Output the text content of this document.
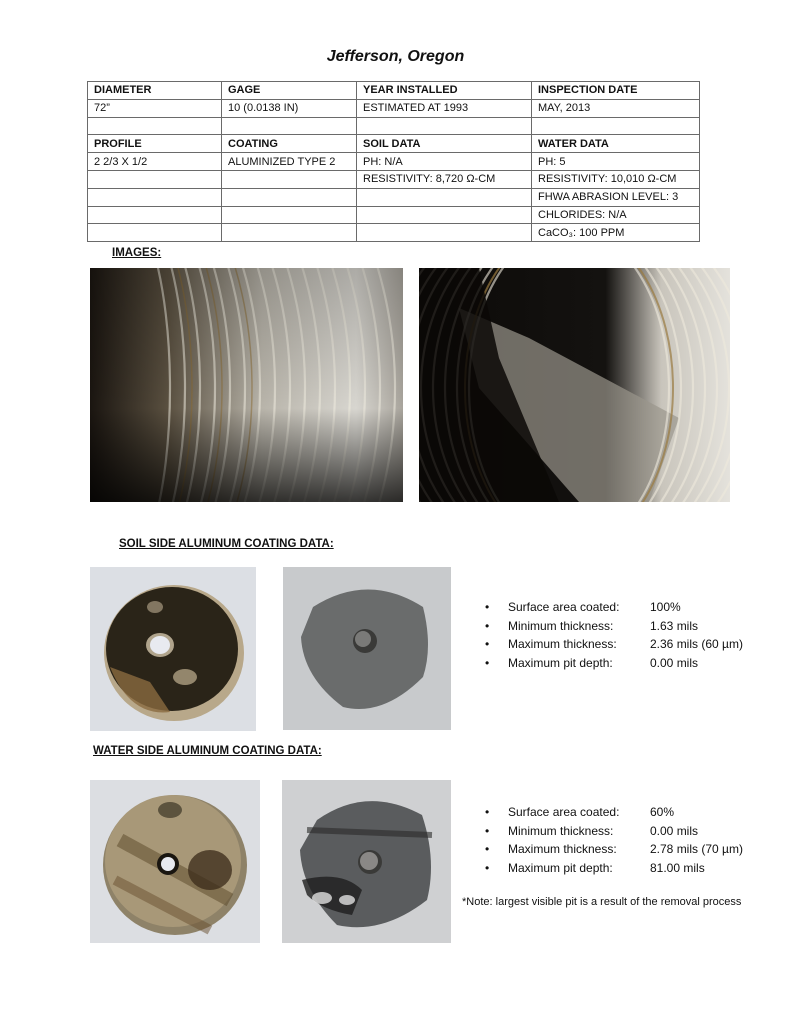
Jefferson, Oregon
DIAMETER	GAGE	YEAR INSTALLED	INSPECTION DATE
72”	10 (0.0138 IN)	ESTIMATED AT 1993	MAY, 2013

PROFILE	COATING	SOIL DATA	WATER DATA
2 2/3 X 1/2	ALUMINIZED TYPE 2	PH: N/A	PH: 5
		RESISTIVITY: 8,720 Ω-CM	RESISTIVITY: 10,010 Ω-CM
			FHWA ABRASION LEVEL: 3
			CHLORIDES: N/A
			CaCO₃: 100 PPM
IMAGES:
SOIL SIDE ALUMINUM COATING DATA:
•	Surface area coated:	100%
•	Minimum thickness:	1.63 mils
•	Maximum thickness:	2.36 mils (60 µm)
•	Maximum pit depth:	0.00 mils
WATER SIDE ALUMINUM COATING DATA:
•	Surface area coated:	60%
•	Minimum thickness:	0.00 mils
•	Maximum thickness:	2.78 mils (70 µm)
•	Maximum pit depth:	81.00 mils
*Note: largest visible pit is a result of the removal process
